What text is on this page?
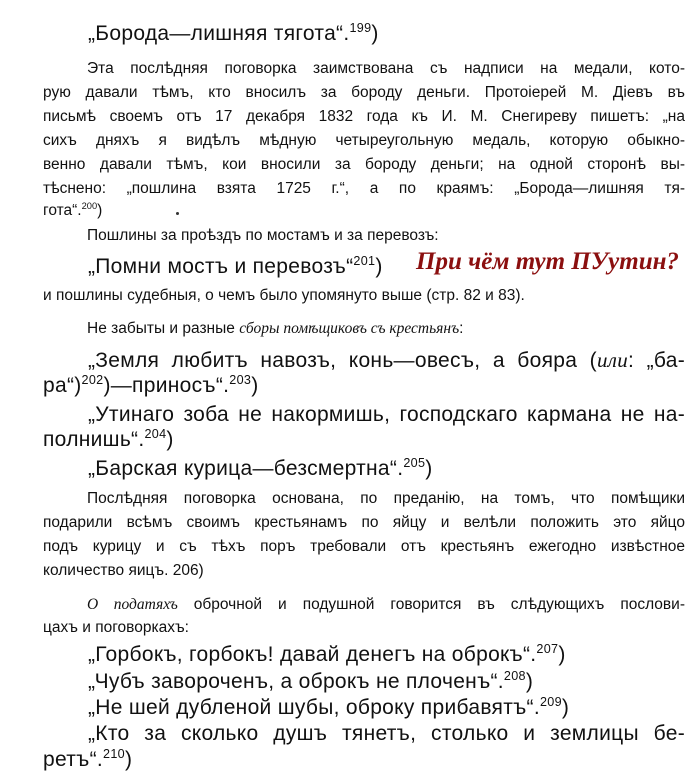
„Борода—лишняя тягота“.$^{199}$)
Эта послѣдняя поговорка заимствована съ надписи на медали, кото-
рую давали тѣмъ, кто вносилъ за бороду деньги. Протоіерей М. Діевъ въ
письмѣ своемъ отъ 17 декабря 1832 года къ И. М. Снегиреву пишетъ: „на
сихъ дняхъ я видѣлъ мѣдную четыреугольную медаль, которую обыкно-
венно давали тѣмъ, кои вносили за бороду деньги; на одной сторонѣ вы-
тѣснено: „пошлина взята 1725 г.“, а по краямъ: „Борода—лишняя тя-
гота“.$^{200}$)
Пошлины за проѣздъ по мостамъ и за перевозъ:
„Помни мостъ и перевозъ“$^{201}$) При чём тут ПУутин?
и пошлины судебныя, о чемъ было упомянуто выше (стр. 82 и 83).
Не забыты и разные сборы помѣщиковъ съ крестьянъ:
„Земля любитъ навозъ, конь—овесъ, а бояра (или: „ба-
ра“)$^{202}$)—приносъ“.$^{203}$)
„Утинаго зоба не накормишь, господскаго кармана не на-
полнишь“.$^{204}$)
„Барская курица—безсмертна“.$^{205}$)
Послѣдняя поговорка основана, по преданію, на томъ, что помѣщики
подарили всѣмъ своимъ крестьянамъ по яйцу и велѣли положить это яйцо
подъ курицу и съ тѣхъ поръ требовали отъ крестьянъ ежегодно извѣстное
количество яицъ. 206)
О податяхъ оброчной и подушной говорится въ слѣдующихъ послови-
цахъ и поговоркахъ:
„Горбокъ, горбокъ! давай денегъ на оброкъ“.$^{207}$)
„Чубъ завороченъ, а оброкъ не плоченъ“.$^{208}$)
„Не шей дубленой шубы, оброку прибавятъ“.$^{209}$)
„Кто за сколько душъ тянетъ, столько и землицы бе-
ретъ“.$^{210}$)
